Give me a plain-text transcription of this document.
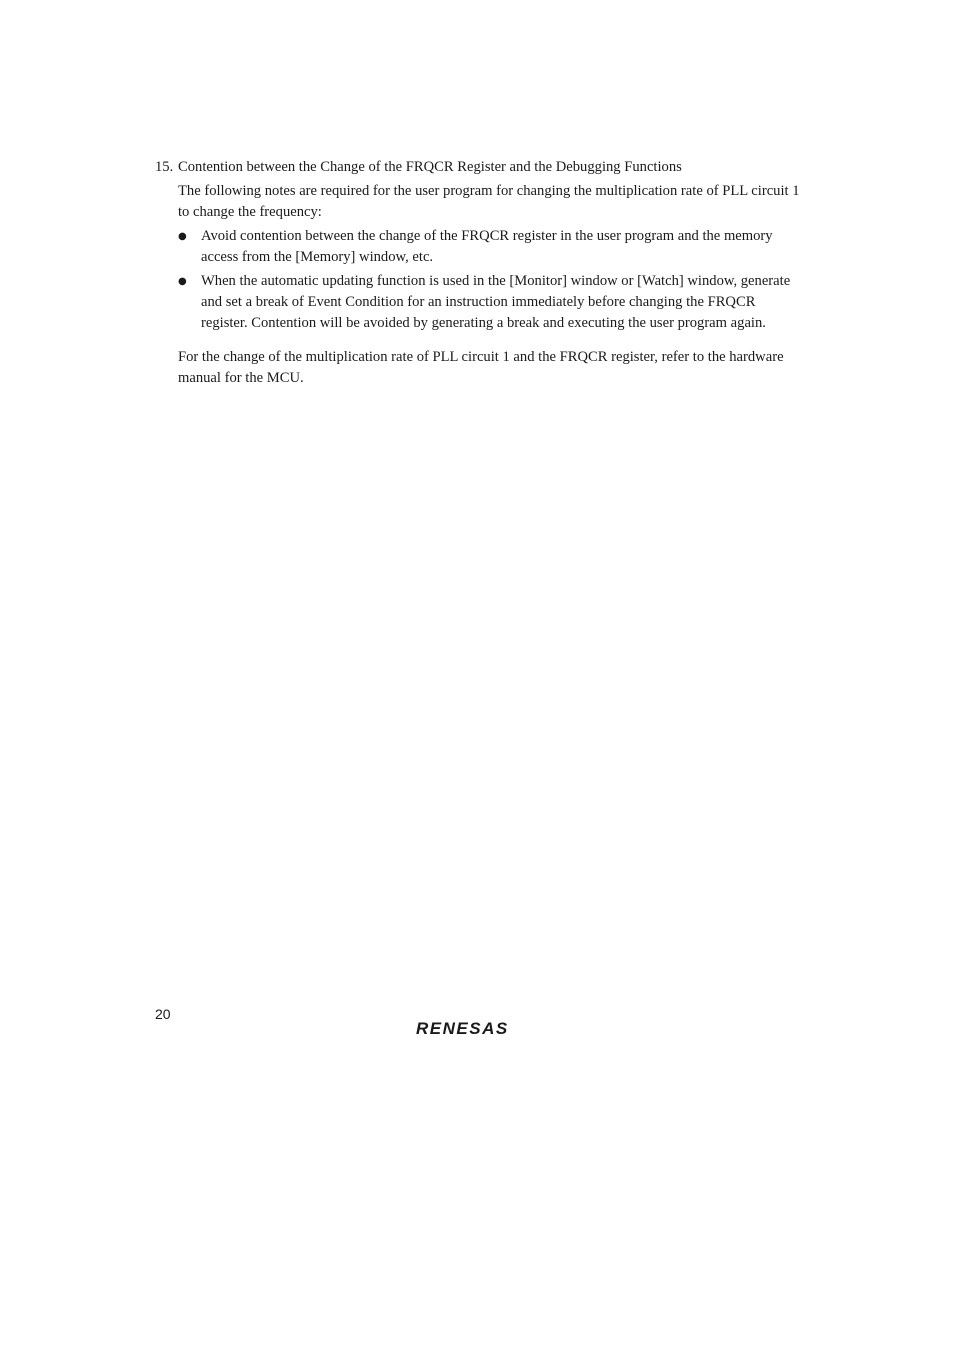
15. Contention between the Change of the FRQCR Register and the Debugging Functions

The following notes are required for the user program for changing the multiplication rate of PLL circuit 1 to change the frequency:

● Avoid contention between the change of the FRQCR register in the user program and the memory access from the [Memory] window, etc.
● When the automatic updating function is used in the [Monitor] window or [Watch] window, generate and set a break of Event Condition for an instruction immediately before changing the FRQCR register. Contention will be avoided by generating a break and executing the user program again.

For the change of the multiplication rate of PLL circuit 1 and the FRQCR register, refer to the hardware manual for the MCU.

20
RENESAS
